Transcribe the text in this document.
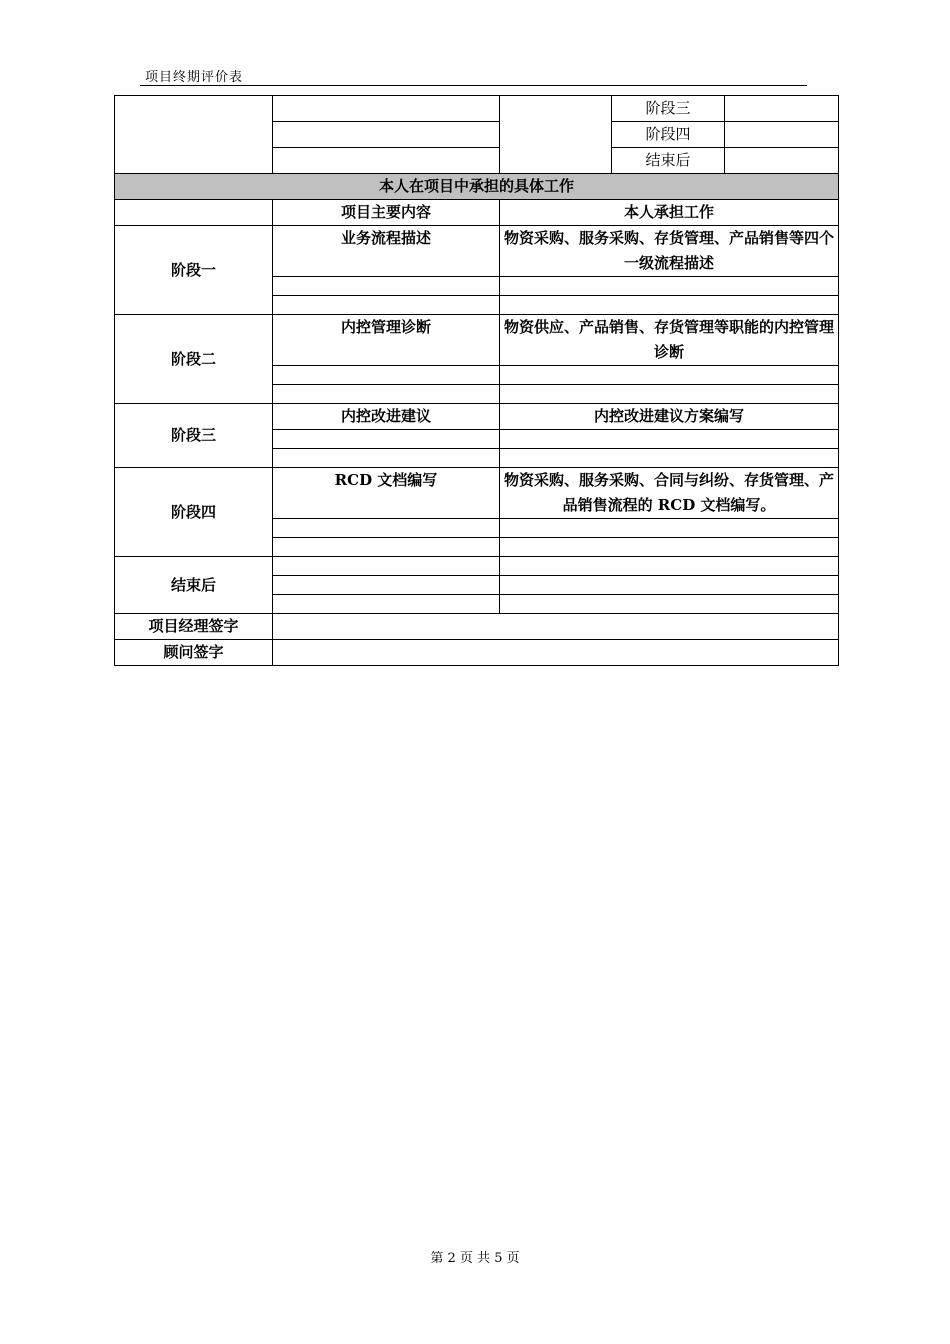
项目终期评价表
			阶段三	
			阶段四	
			结束后	
本人在项目中承担的具体工作				
	项目主要内容	本人承担工作		
阶段一	业务流程描述	物资采购、服务采购、存货管理、产品销售等四个一级流程描述		

阶段二	内控管理诊断	物资供应、产品销售、存货管理等职能的内控管理诊断		

阶段三	内控改进建议	内控改进建议方案编写		

阶段四	RCD 文档编写	物资采购、服务采购、合同与纠纷、存货管理、产品销售流程的 RCD 文档编写。		

结束后				

项目经理签字				
顾问签字				
第 2 页 共 5 页
